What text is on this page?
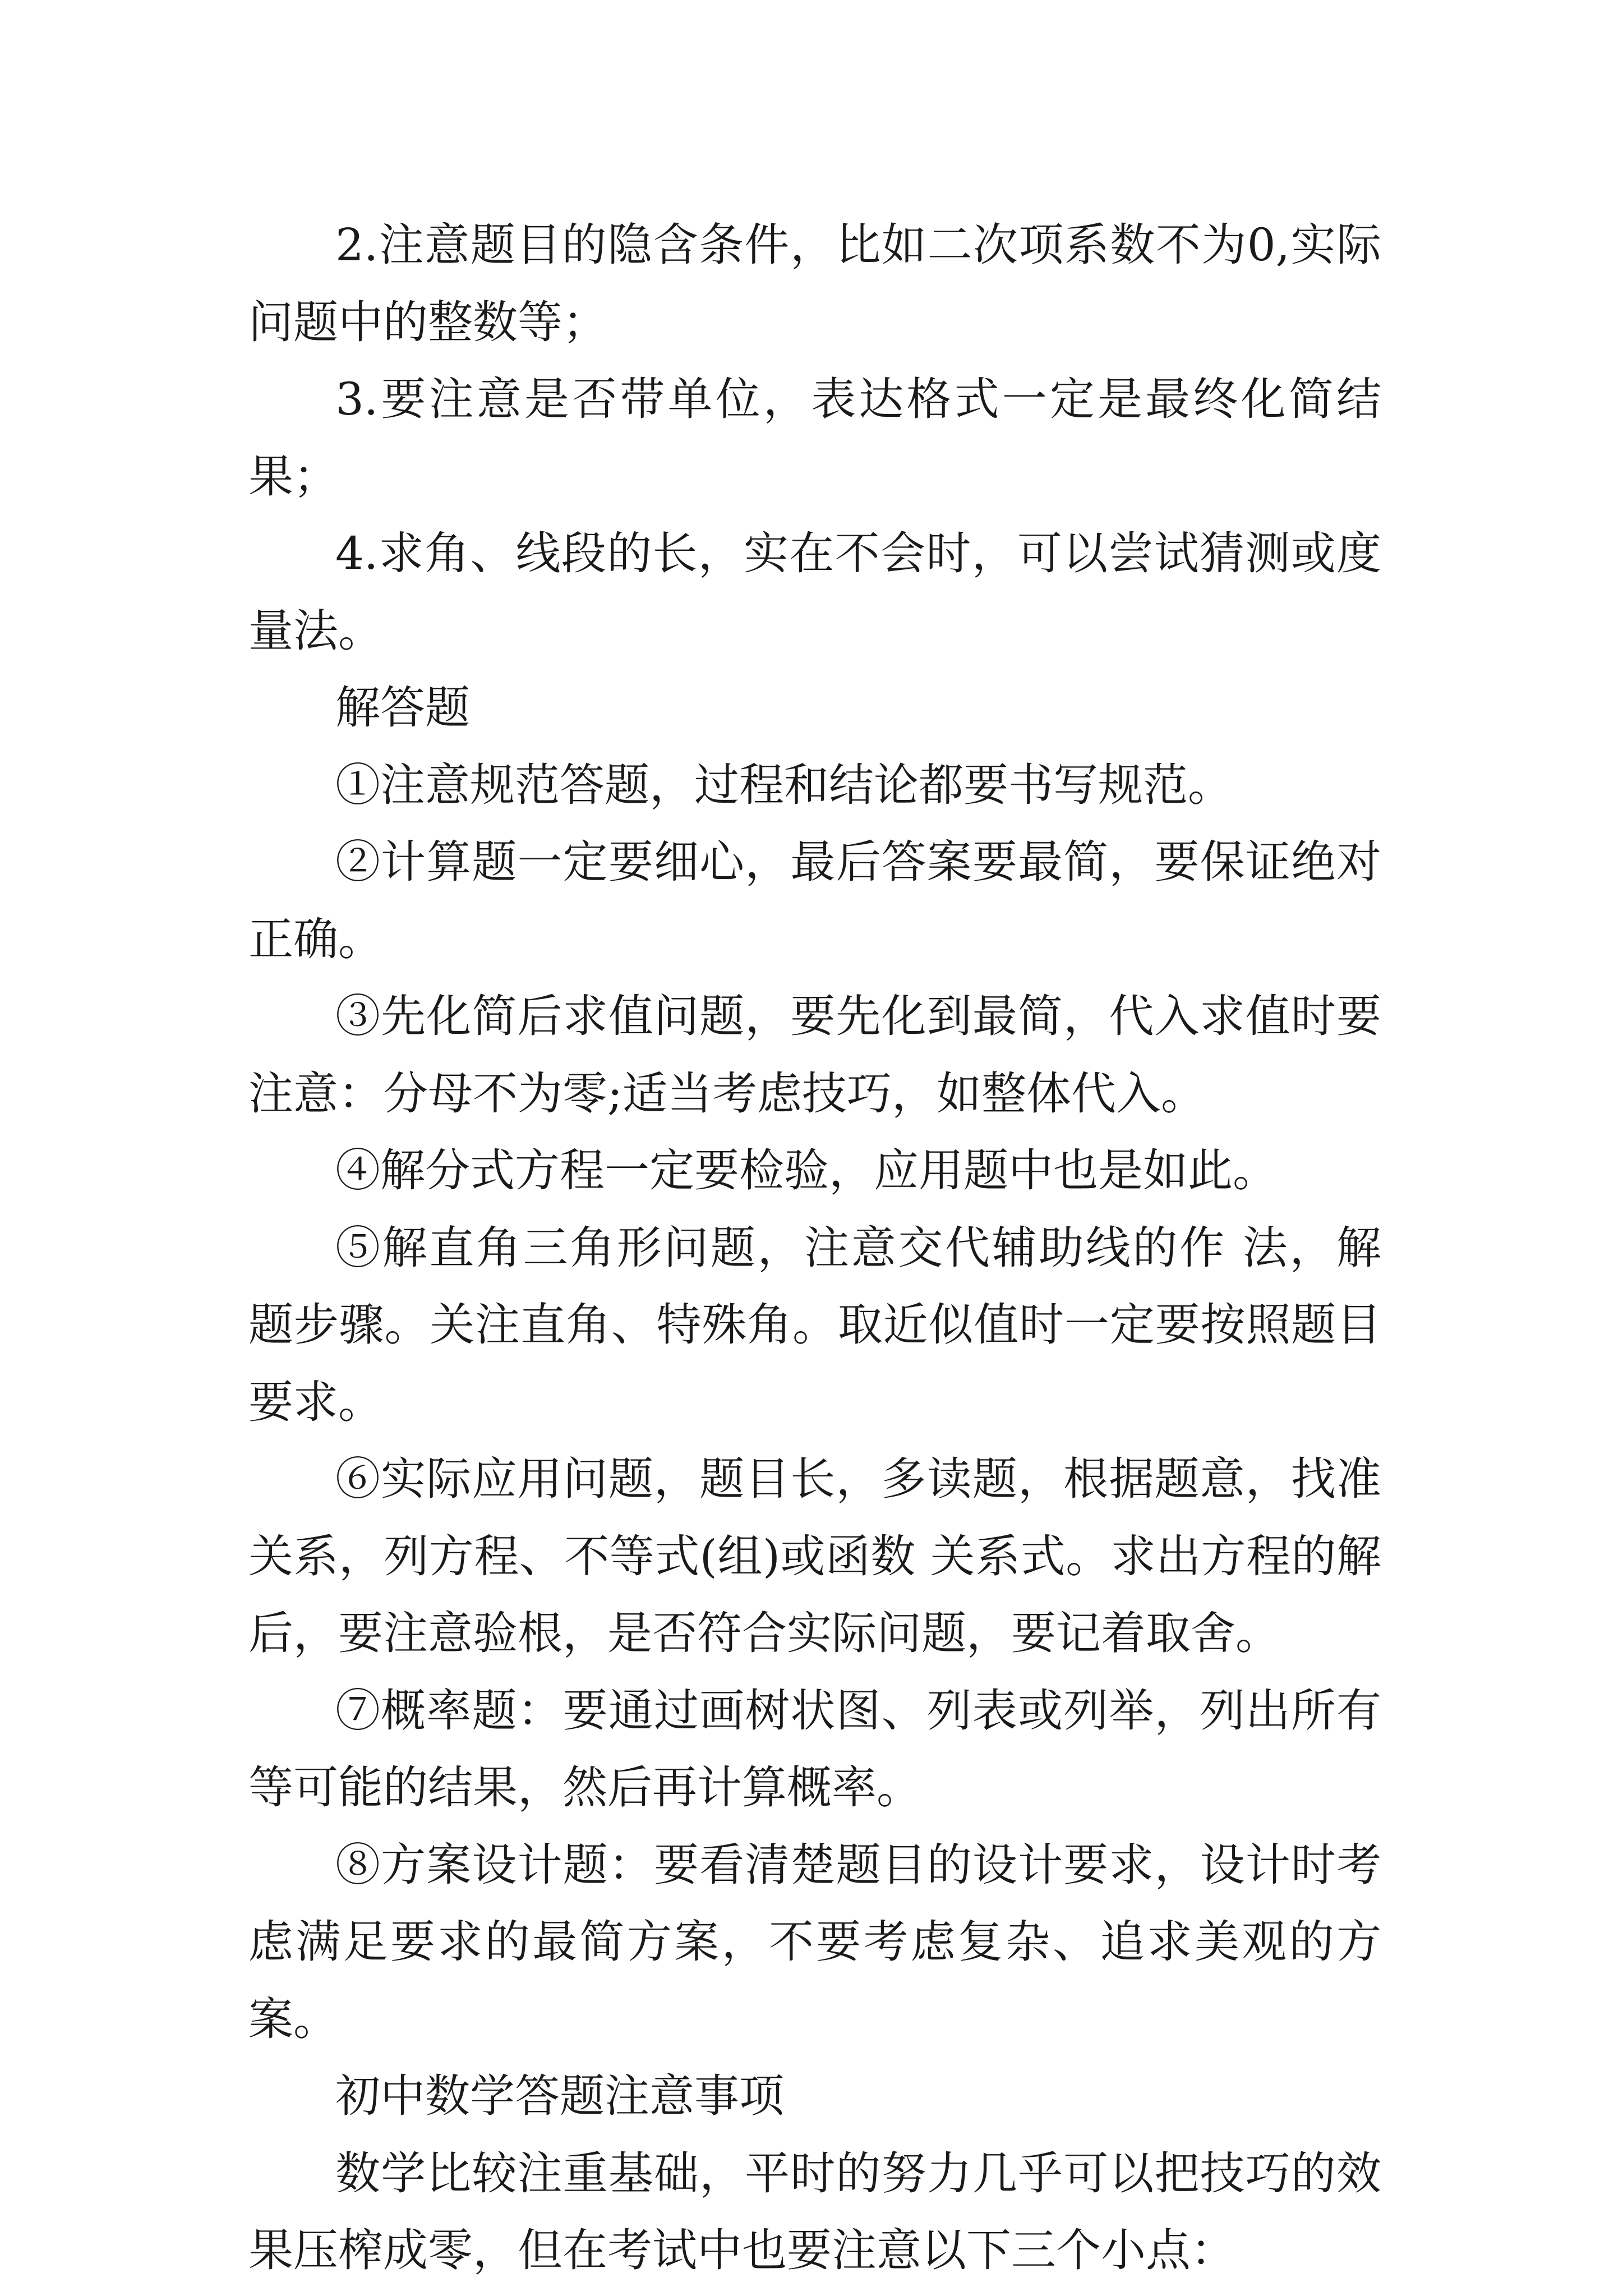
2.注意题目的隐含条件，比如二次项系数不为0,实际问题中的整数等；

3.要注意是否带单位，表达格式一定是最终化简结果；

4.求角、线段的长，实在不会时，可以尝试猜测或度量法。

解答题

①注意规范答题，过程和结论都要书写规范。

②计算题一定要细心，最后答案要最简，要保证绝对正确。

③先化简后求值问题，要先化到最简，代入求值时要注意：分母不为零;适当考虑技巧，如整体代入。

④解分式方程一定要检验，应用题中也是如此。

⑤解直角三角形问题，注意交代辅助线的作 法，解题步骤。关注直角、特殊角。取近似值时一定要按照题目要求。

⑥实际应用问题，题目长，多读题，根据题意，找准关系，列方程、不等式(组)或函数 关系式。求出方程的解后，要注意验根，是否符合实际问题，要记着取舍。

⑦概率题：要通过画树状图、列表或列举，列出所有等可能的结果，然后再计算概率。

⑧方案设计题：要看清楚题目的设计要求，设计时考虑满足要求的最简方案，不要考虑复杂、追求美观的方案。

初中数学答题注意事项

数学比较注重基础，平时的努力几乎可以把技巧的效果压榨成零，但在考试中也要注意以下三个小点：
